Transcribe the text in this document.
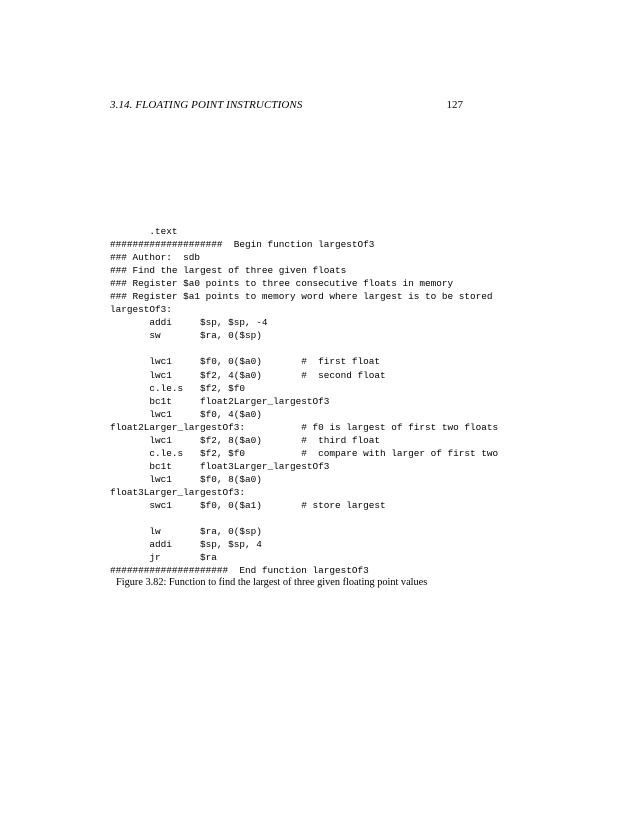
3.14. FLOATING POINT INSTRUCTIONS	127
.text
####################  Begin function largestOf3
### Author:  sdb
### Find the largest of three given floats
### Register $a0 points to three consecutive floats in memory
### Register $a1 points to memory word where largest is to be stored
largestOf3:
addi     $sp, $sp, -4
sw       $ra, 0($sp)
lwc1     $f0, 0($a0)       #  first float
lwc1     $f2, 4($a0)       #  second float
c.le.s   $f2, $f0
bc1t     float2Larger_largestOf3
lwc1     $f0, 4($a0)
float2Larger_largestOf3:          # f0 is largest of first two floats
lwc1     $f2, 8($a0)       #  third float
c.le.s   $f2, $f0          #  compare with larger of first two
bc1t     float3Larger_largestOf3
lwc1     $f0, 8($a0)
float3Larger_largestOf3:
swc1     $f0, 0($a1)       # store largest
lw       $ra, 0($sp)
addi     $sp, $sp, 4
jr       $ra
#####################  End function largestOf3
Figure 3.82: Function to find the largest of three given floating point values
